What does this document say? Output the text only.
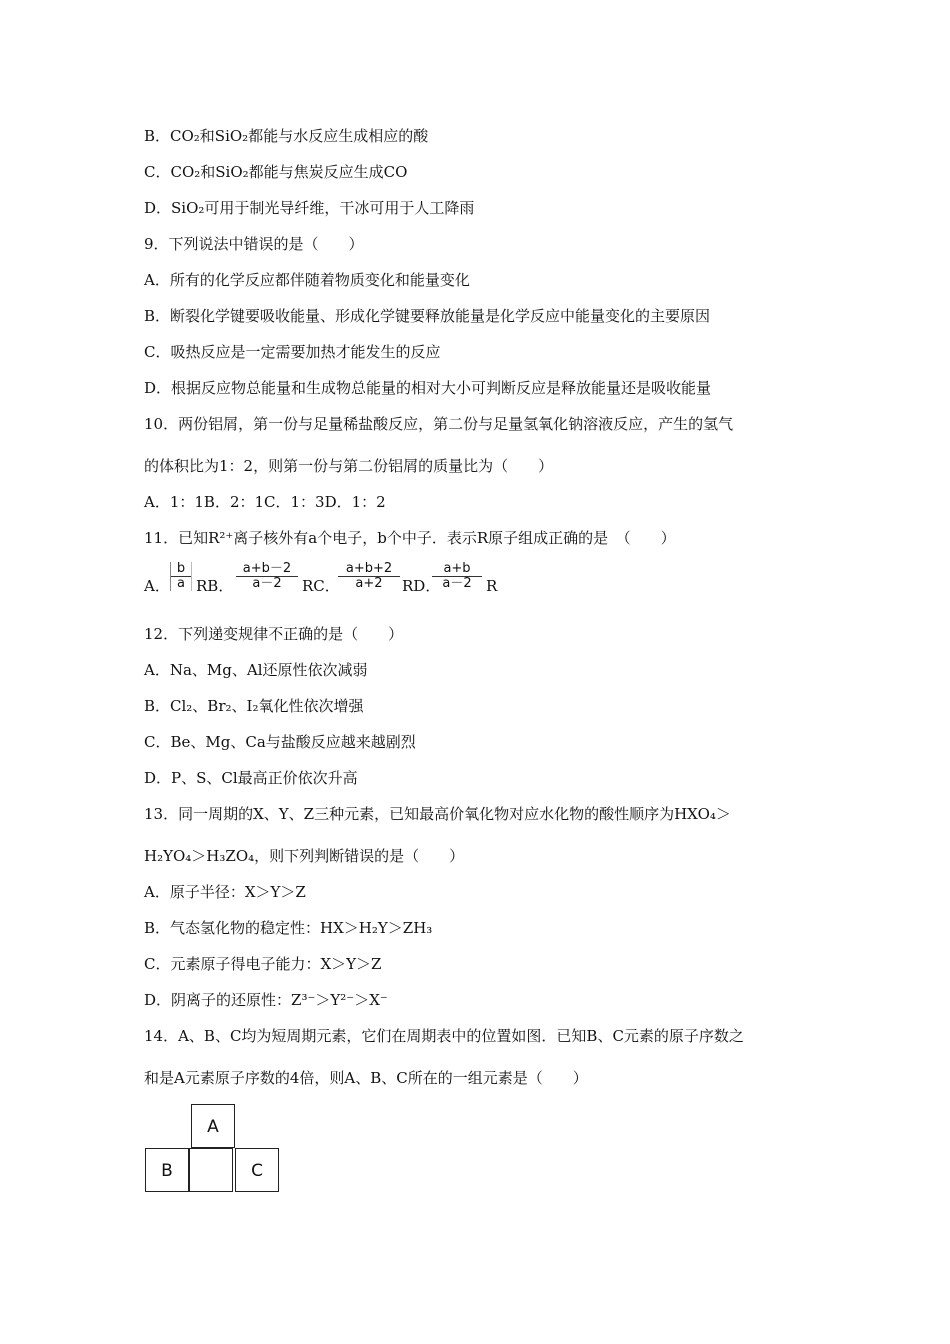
B．CO₂和SiO₂都能与水反应生成相应的酸
C．CO₂和SiO₂都能与焦炭反应生成CO
D．SiO₂可用于制光导纤维，干冰可用于人工降雨
9．下列说法中错误的是（　　）
A．所有的化学反应都伴随着物质变化和能量变化
B．断裂化学键要吸收能量、形成化学键要释放能量是化学反应中能量变化的主要原因
C．吸热反应是一定需要加热才能发生的反应
D．根据反应物总能量和生成物总能量的相对大小可判断反应是释放能量还是吸收能量
10．两份铝屑，第一份与足量稀盐酸反应，第二份与足量氢氧化钠溶液反应，产生的氢气
的体积比为1：2，则第一份与第二份铝屑的质量比为（　　）
A．1：1B．2：1C．1：3D．1：2
11．已知R²⁺离子核外有a个电子，b个中子．表示R原子组成正确的是　（　　）
A． $\frac{b}{a}$ RB． $\frac{a+b-2}{a-2}$ RC．
$\frac{a+b+2}{a+2}$ RD．
$\frac{a+b}{a-2}$ R
12．下列递变规律不正确的是（　　）
A．Na、Mg、Al还原性依次减弱
B．Cl₂、Br₂、I₂氧化性依次增强
C．Be、Mg、Ca与盐酸反应越来越剧烈
D．P、S、Cl最高正价依次升高
13．同一周期的X、Y、Z三种元素，已知最高价氧化物对应水化物的酸性顺序为HXO₄＞
H₂YO₄＞H₃ZO₄，则下列判断错误的是（　　）
A．原子半径：X＞Y＞Z
B．气态氢化物的稳定性：HX＞H₂Y＞ZH₃
C．元素原子得电子能力：X＞Y＞Z
D．阴离子的还原性：Z³⁻＞Y²⁻＞X⁻
14．A、B、C均为短周期元素，它们在周期表中的位置如图．已知B、C元素的原子序数之
和是A元素原子序数的4倍，则A、B、C所在的一组元素是（　　）
A
B	C
